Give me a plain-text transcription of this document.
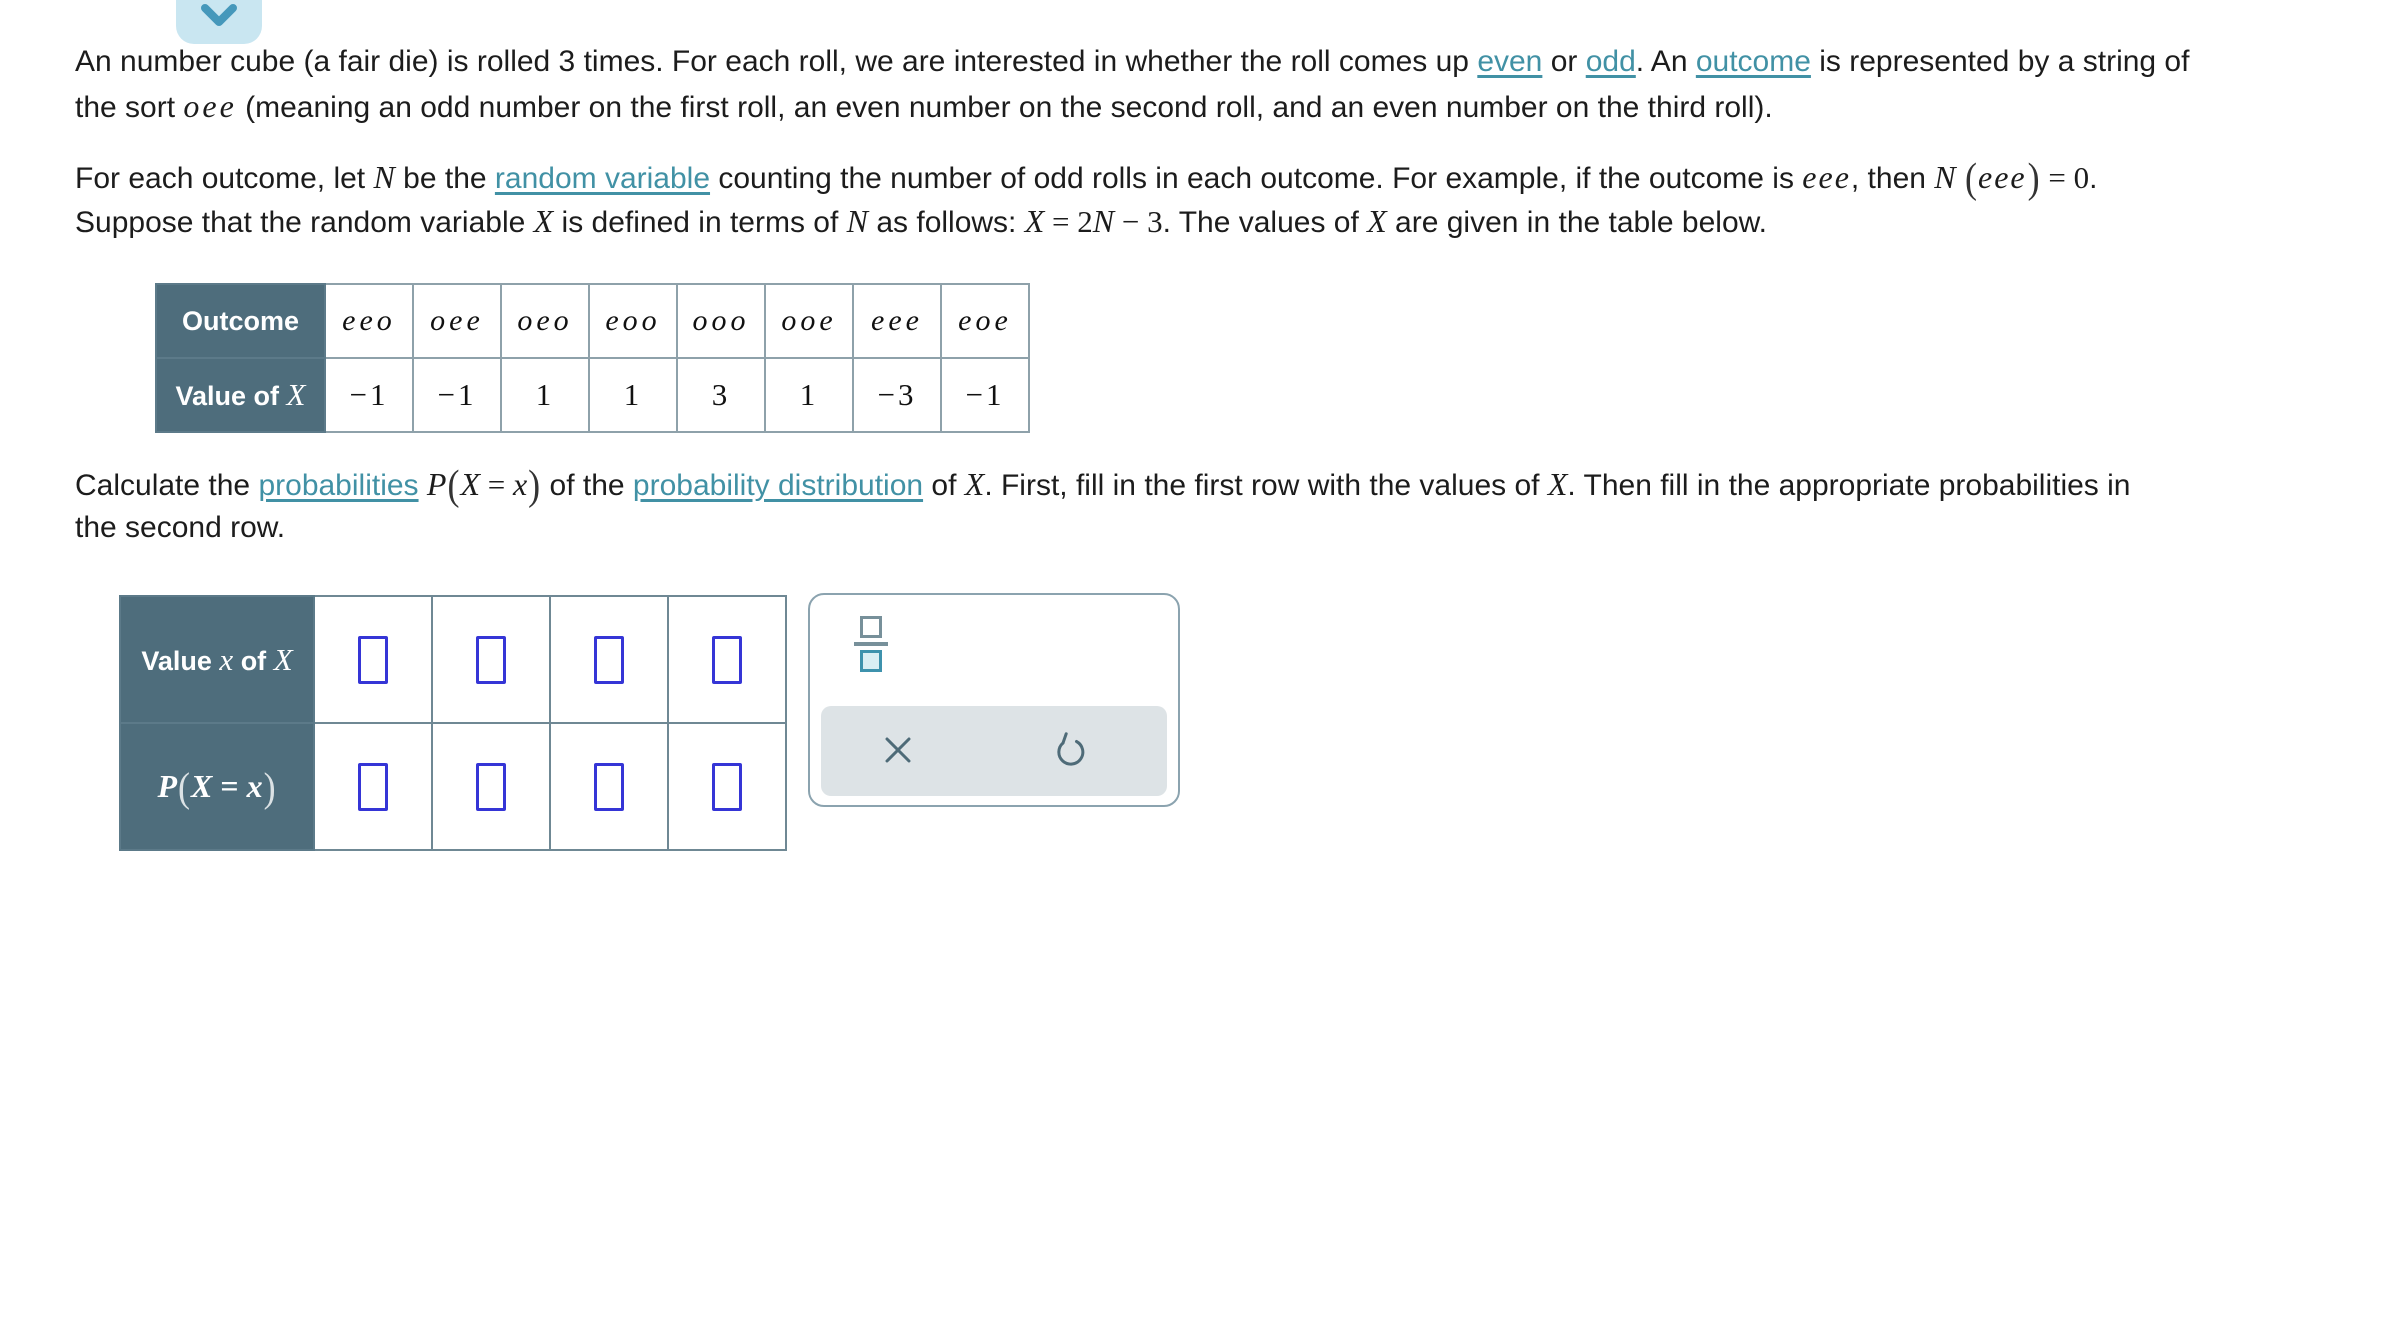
An number cube (a fair die) is rolled 3 times. For each roll, we are interested in whether the roll comes up even or odd. An outcome is represented by a string of
the sort oee (meaning an odd number on the first roll, an even number on the second roll, and an even number on the third roll).
For each outcome, let N be the random variable counting the number of odd rolls in each outcome. For example, if the outcome is eee, then N (eee) = 0.
Suppose that the random variable X is defined in terms of N as follows: X = 2N − 3. The values of X are given in the table below.
Outcome	eeo	oee	oeo	eoo	ooo	ooe	eee	eoe
Value of X	−1	−1	1	1	3	1	−3	−1
Calculate the probabilities P(X = x) of the probability distribution of X. First, fill in the first row with the values of X. Then fill in the appropriate probabilities in
the second row.
Value x of X				
P(X = x)				
